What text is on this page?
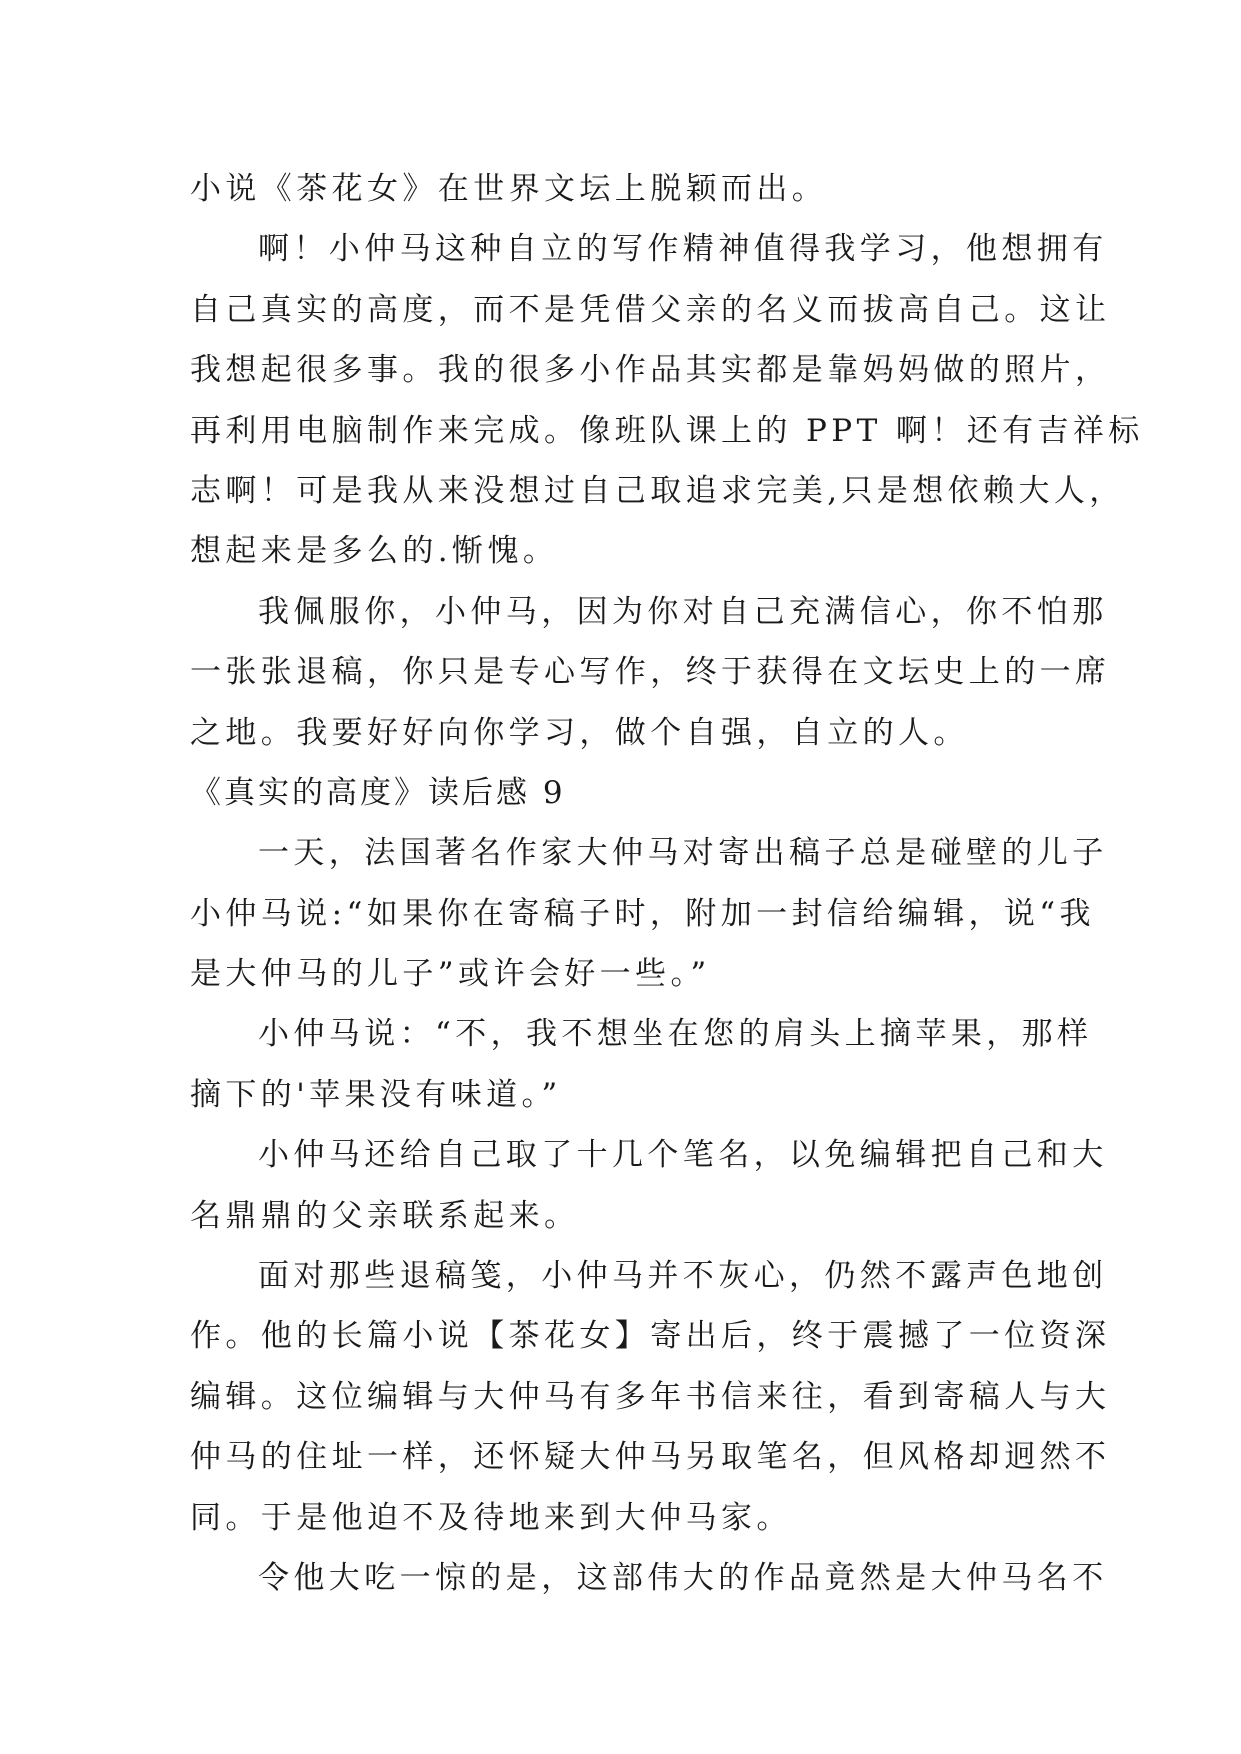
小说《茶花女》在世界文坛上脱颖而出。
啊！小仲马这种自立的写作精神值得我学习，他想拥有
自己真实的高度，而不是凭借父亲的名义而拔高自己。这让
我想起很多事。我的很多小作品其实都是靠妈妈做的照片，
再利用电脑制作来完成。像班队课上的 PPT 啊！还有吉祥标
志啊！可是我从来没想过自己取追求完美,只是想依赖大人，
想起来是多么的.惭愧。
我佩服你，小仲马，因为你对自己充满信心，你不怕那
一张张退稿，你只是专心写作，终于获得在文坛史上的一席
之地。我要好好向你学习，做个自强，自立的人。
《真实的高度》读后感 9
一天，法国著名作家大仲马对寄出稿子总是碰壁的儿子
小仲马说:“如果你在寄稿子时，附加一封信给编辑，说“我
是大仲马的儿子”或许会好一些。”
小仲马说：“不，我不想坐在您的肩头上摘苹果，那样
摘下的'苹果没有味道。”
小仲马还给自己取了十几个笔名，以免编辑把自己和大
名鼎鼎的父亲联系起来。
面对那些退稿笺，小仲马并不灰心，仍然不露声色地创
作。他的长篇小说【茶花女】寄出后，终于震撼了一位资深
编辑。这位编辑与大仲马有多年书信来往，看到寄稿人与大
仲马的住址一样，还怀疑大仲马另取笔名，但风格却迥然不
同。于是他迫不及待地来到大仲马家。
令他大吃一惊的是，这部伟大的作品竟然是大仲马名不
